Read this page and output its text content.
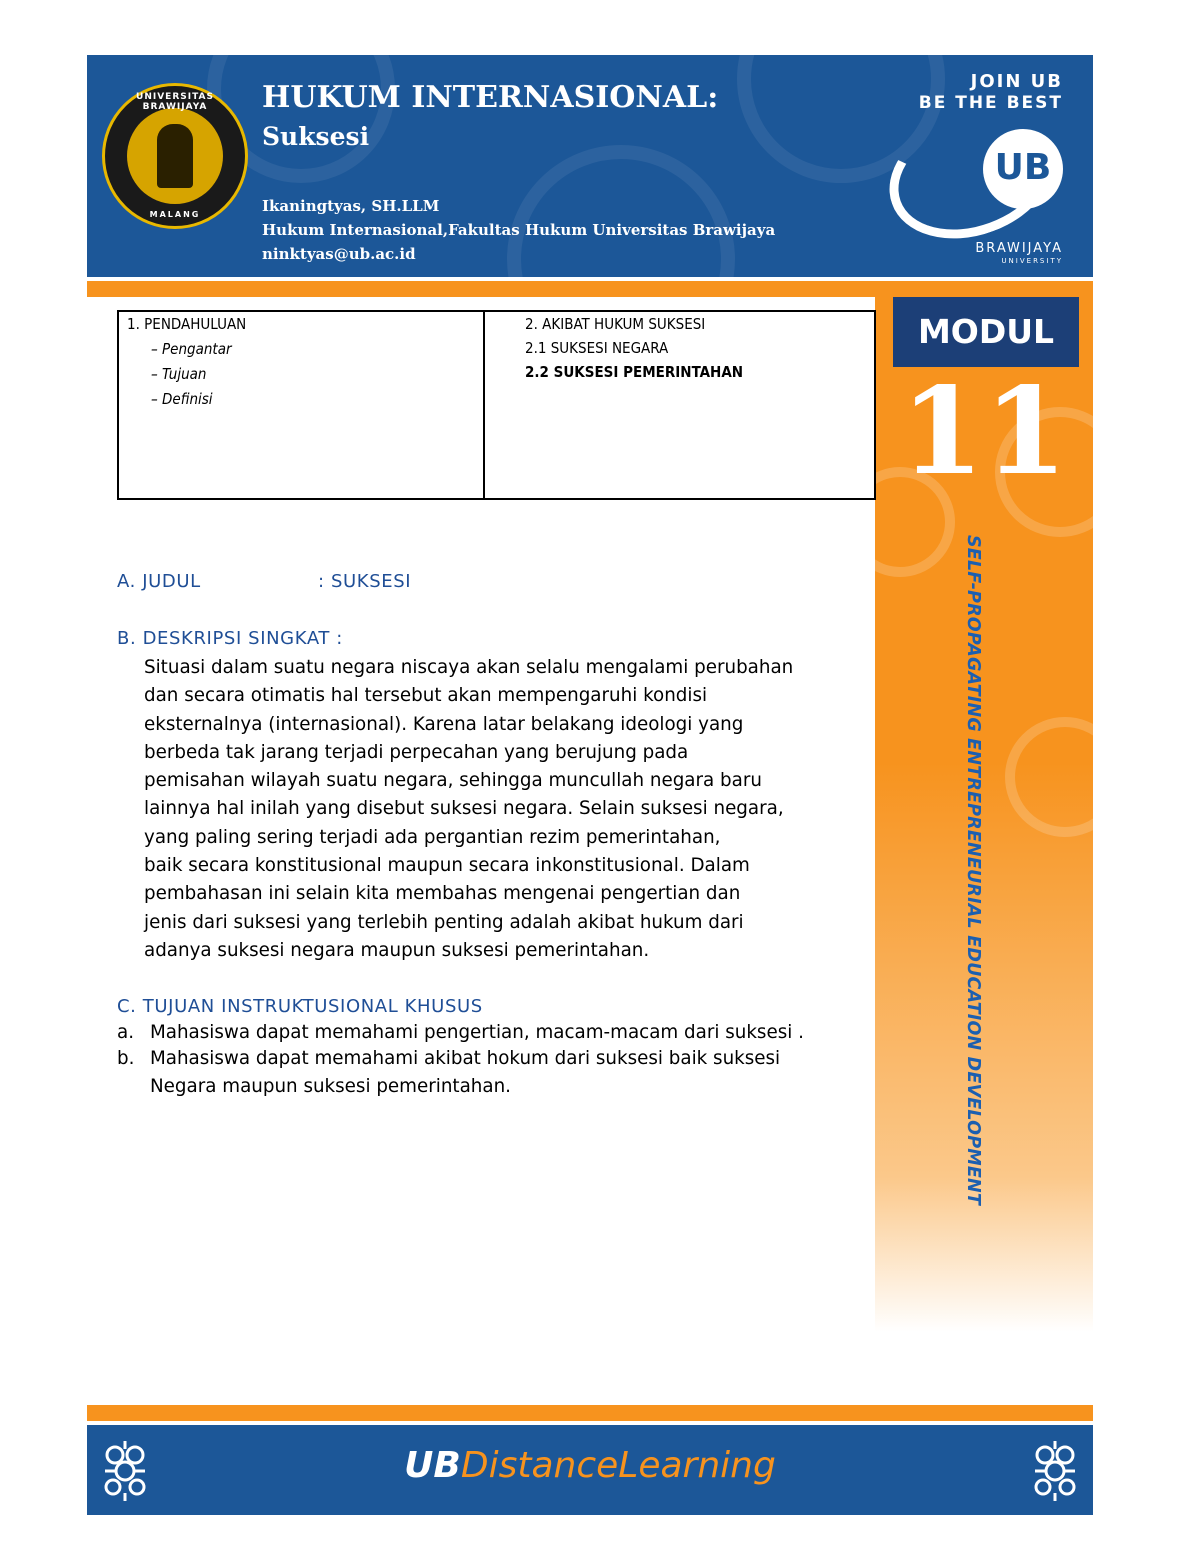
UNIVERSITAS BRAWIJAYA
MALANG
HUKUM INTERNASIONAL:
Suksesi
Ikaningtyas, SH.LLM
Hukum Internasional,Fakultas Hukum Universitas Brawijaya
ninktyas@ub.ac.id
JOIN UB
BE THE BEST
UB
BRAWIJAYA
UNIVERSITY
MODUL
11
SELF-PROPAGATING ENTREPRENEURIAL EDUCATION DEVELOPMENT
1. PENDAHULUAN
– Pengantar
– Tujuan
– Definisi
2. AKIBAT HUKUM SUKSESI
2.1 SUKSESI NEGARA
2.2 SUKSESI PEMERINTAHAN
A. JUDUL	: SUKSESI
B. DESKRIPSI SINGKAT :
Situasi dalam suatu negara niscaya akan selalu mengalami perubahan
dan secara otimatis hal tersebut akan mempengaruhi kondisi
eksternalnya (internasional). Karena latar belakang ideologi yang
berbeda tak jarang terjadi perpecahan yang berujung pada
pemisahan wilayah suatu negara, sehingga muncullah negara baru
lainnya hal inilah yang disebut suksesi negara. Selain suksesi negara,
yang paling sering terjadi ada pergantian rezim pemerintahan,
baik secara konstitusional maupun secara inkonstitusional. Dalam
pembahasan ini selain kita membahas mengenai pengertian dan
jenis dari suksesi yang terlebih penting adalah akibat hukum dari
adanya suksesi negara maupun suksesi pemerintahan.
C. TUJUAN INSTRUKTUSIONAL KHUSUS
a. Mahasiswa dapat memahami pengertian, macam-macam dari suksesi .
b. Mahasiswa dapat memahami akibat hokum dari suksesi baik suksesi
Negara maupun suksesi pemerintahan.
UBDistanceLearning
